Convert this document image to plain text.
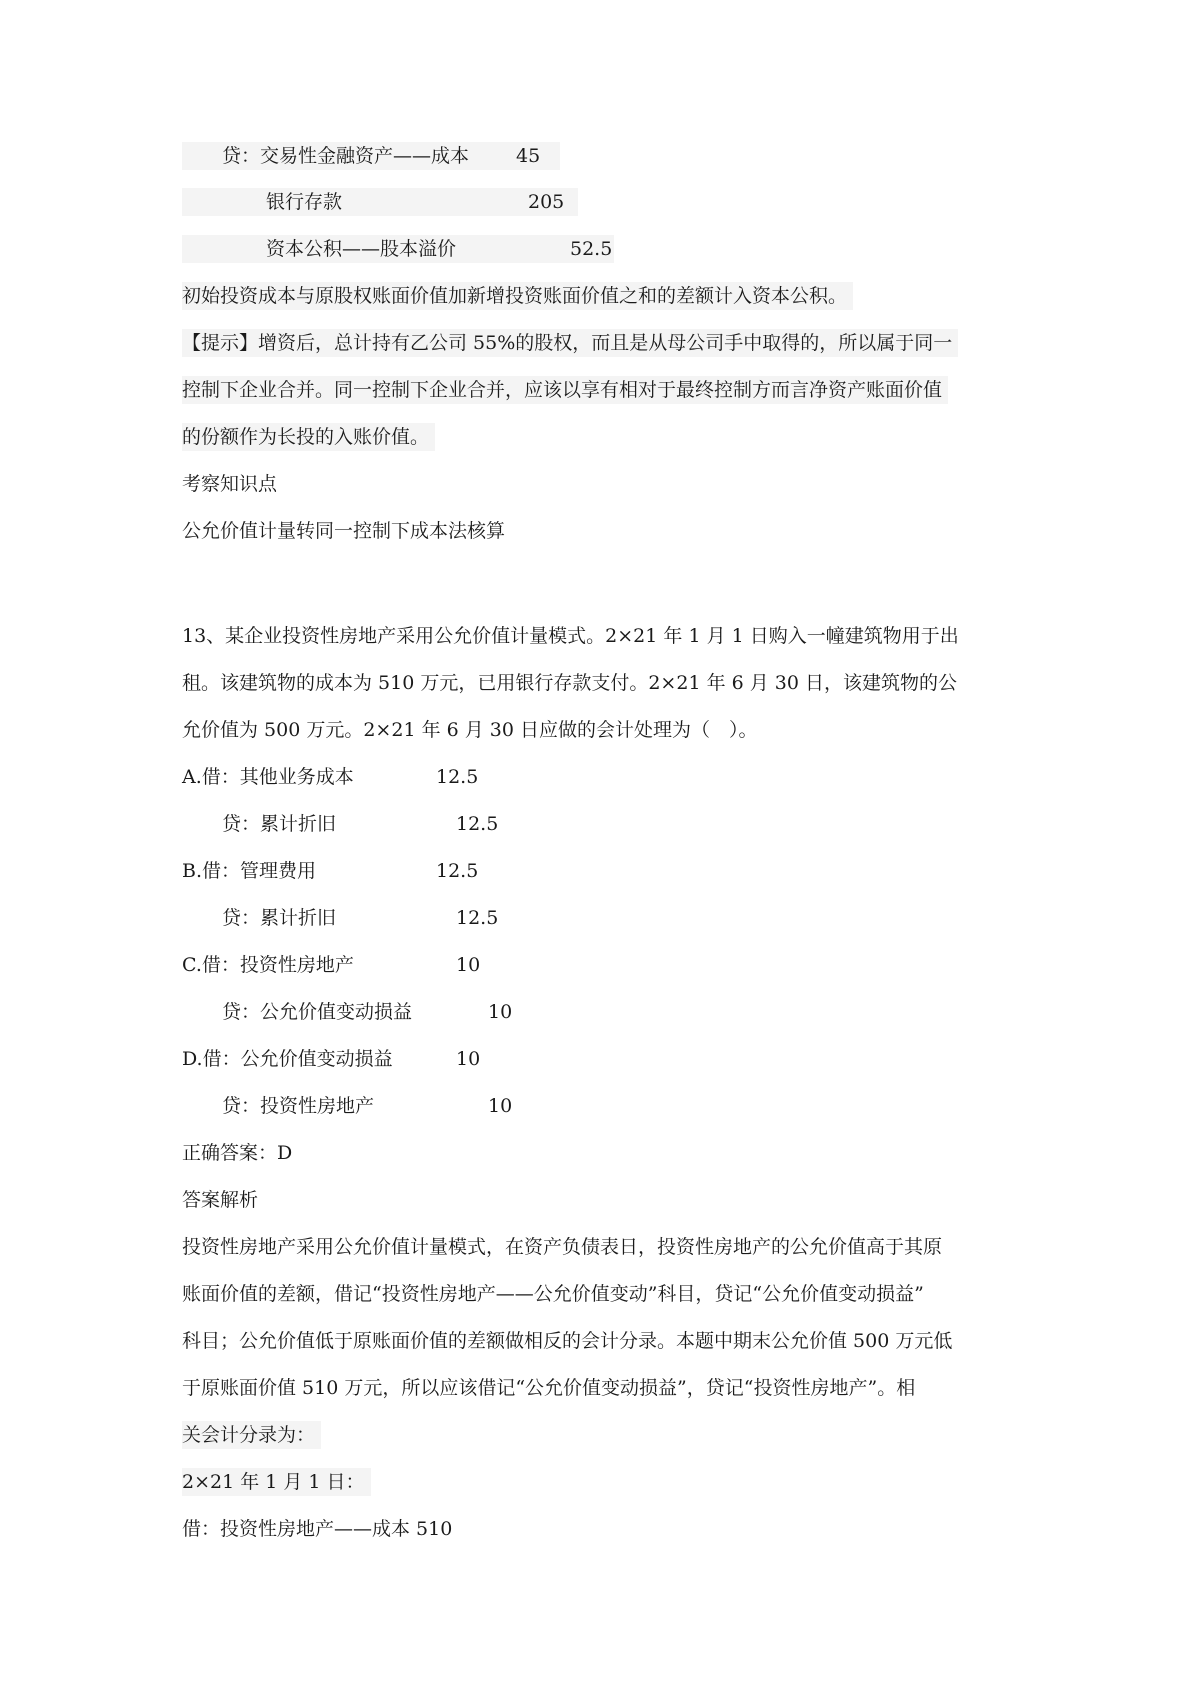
贷：交易性金融资产——成本 45
银行存款	205
资本公积——股本溢价	52.5
初始投资成本与原股权账面价值加新增投资账面价值之和的差额计入资本公积。
【提示】增资后，总计持有乙公司 55%的股权，而且是从母公司手中取得的，所以属于同一
控制下企业合并。同一控制下企业合并，应该以享有相对于最终控制方而言净资产账面价值
的份额作为长投的入账价值。
考察知识点
公允价值计量转同一控制下成本法核算
13、某企业投资性房地产采用公允价值计量模式。2×21 年 1 月 1 日购入一幢建筑物用于出
租。该建筑物的成本为 510 万元，已用银行存款支付。2×21 年 6 月 30 日，该建筑物的公
允价值为 500 万元。2×21 年 6 月 30 日应做的会计处理为（　）。
A.借：其他业务成本	12.5
贷：累计折旧	12.5
B.借：管理费用	12.5
贷：累计折旧	12.5
C.借：投资性房地产	10
贷：公允价值变动损益	10
D.借：公允价值变动损益	10
贷：投资性房地产	10
正确答案：D
答案解析
投资性房地产采用公允价值计量模式，在资产负债表日，投资性房地产的公允价值高于其原
账面价值的差额，借记“投资性房地产——公允价值变动”科目，贷记“公允价值变动损益”
科目；公允价值低于原账面价值的差额做相反的会计分录。本题中期末公允价值 500 万元低
于原账面价值 510 万元，所以应该借记“公允价值变动损益”，贷记“投资性房地产”。相
关会计分录为：
2×21 年 1 月 1 日：
借：投资性房地产——成本 510
